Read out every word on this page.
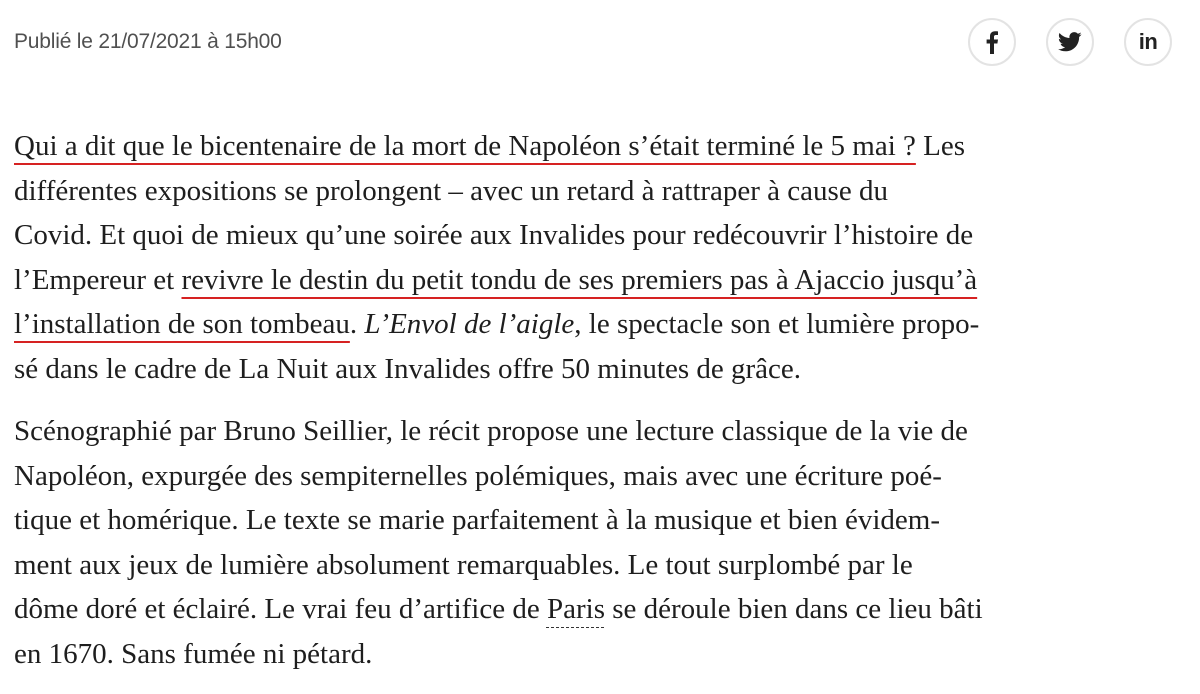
Publié le 21/07/2021 à 15h00	in

Qui a dit que le bicentenaire de la mort de Napoléon s’était terminé le 5 mai ? Les
différentes expositions se prolongent – avec un retard à rattraper à cause du
Covid. Et quoi de mieux qu’une soirée aux Invalides pour redécouvrir l’histoire de
l’Empereur et revivre le destin du petit tondu de ses premiers pas à Ajaccio jusqu’à
l’installation de son tombeau. L’Envol de l’aigle, le spectacle son et lumière propo-
sé dans le cadre de La Nuit aux Invalides offre 50 minutes de grâce.

Scénographié par Bruno Seillier, le récit propose une lecture classique de la vie de
Napoléon, expurgée des sempiternelles polémiques, mais avec une écriture poé-
tique et homérique. Le texte se marie parfaitement à la musique et bien évidem-
ment aux jeux de lumière absolument remarquables. Le tout surplombé par le
dôme doré et éclairé. Le vrai feu d’artifice de Paris se déroule bien dans ce lieu bâti
en 1670. Sans fumée ni pétard.
